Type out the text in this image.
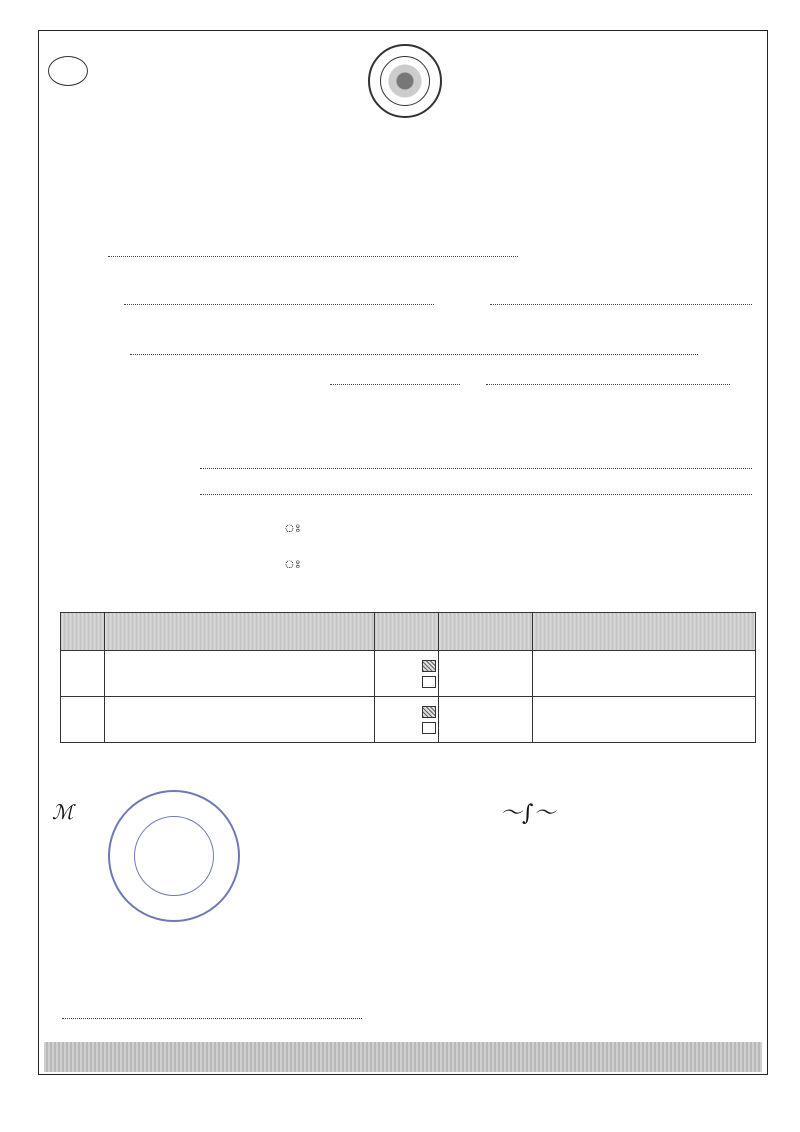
ঃ
ঃ

ℳ	〜∫〜
